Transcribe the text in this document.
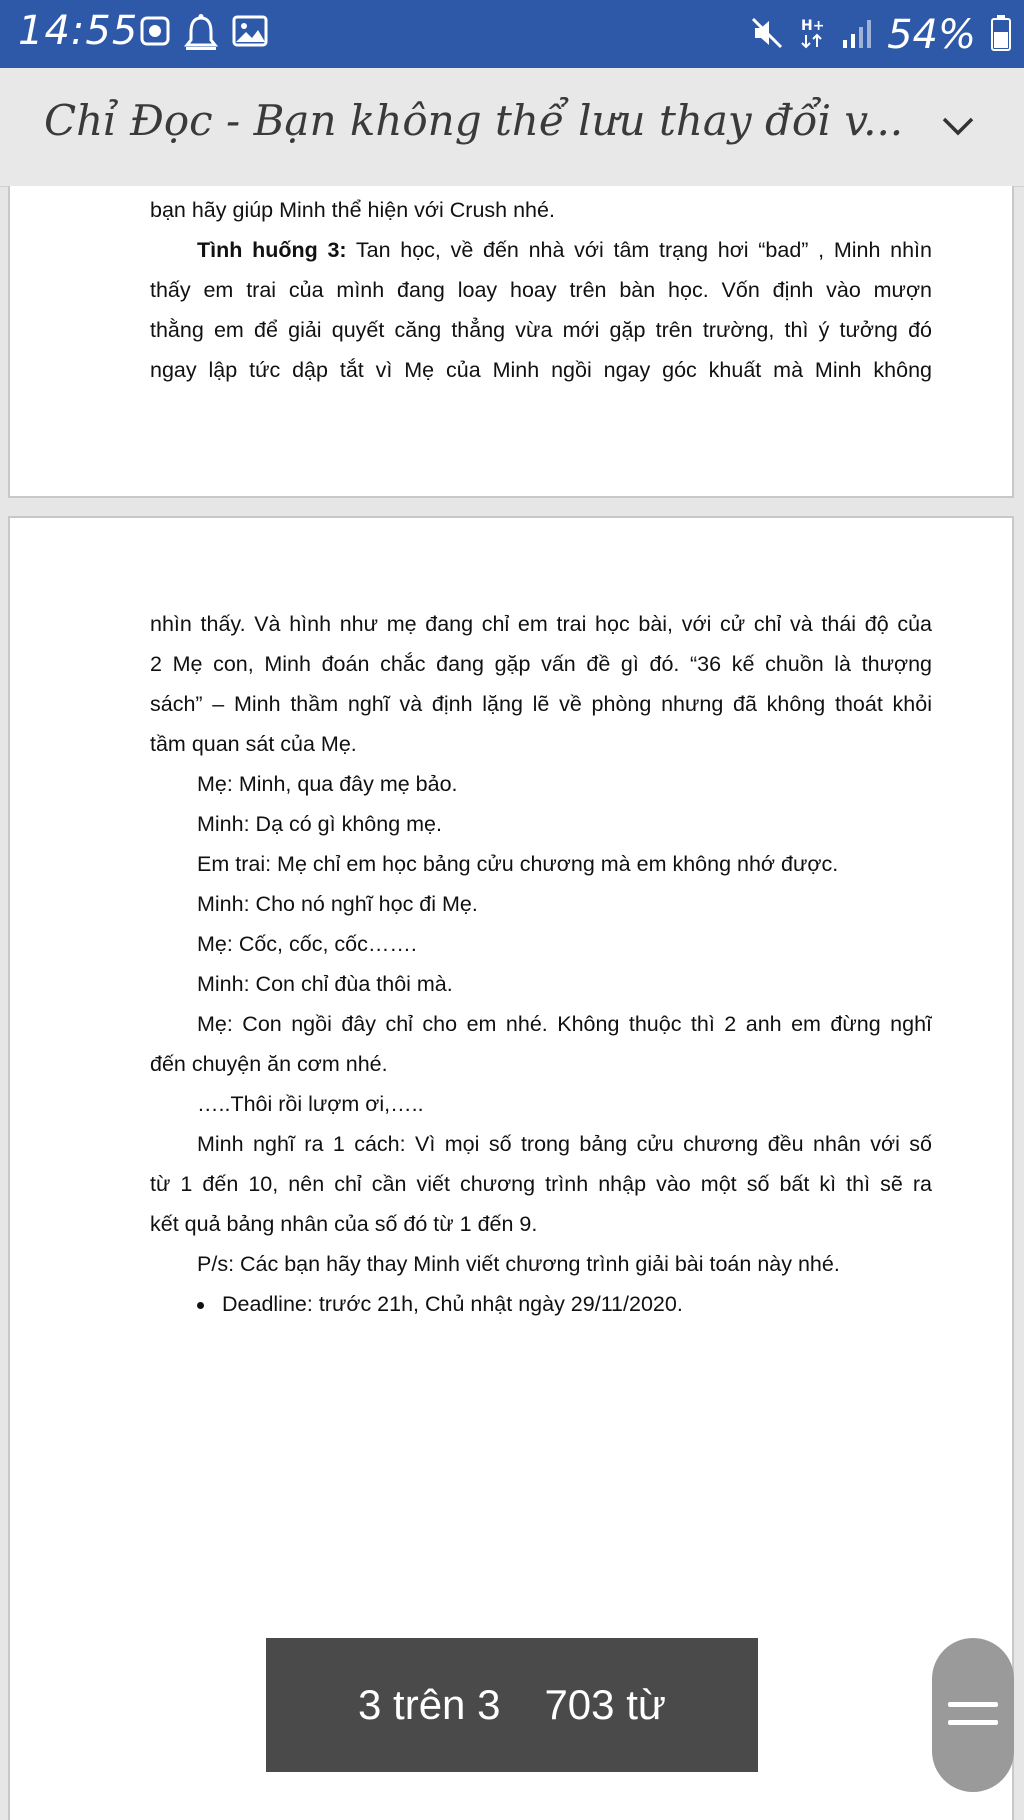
14:55	H+ 54%
Chỉ Đọc - Bạn không thể lưu thay đổi v...
bạn hãy giúp Minh thể hiện với Crush nhé.
Tình huống 3: Tan học, về đến nhà với tâm trạng hơi “bad” , Minh nhìn
thấy em trai của mình đang loay hoay trên bàn học. Vốn định vào mượn
thằng em để giải quyết căng thẳng vừa mới gặp trên trường, thì ý tưởng đó
ngay lập tức dập tắt vì Mẹ của Minh ngồi ngay góc khuất mà Minh không
nhìn thấy. Và hình như mẹ đang chỉ em trai học bài, với cử chỉ và thái độ của
2 Mẹ con, Minh đoán chắc đang gặp vấn đề gì đó. “36 kế chuồn là thượng
sách” – Minh thầm nghĩ và định lặng lẽ về phòng nhưng đã không thoát khỏi
tầm quan sát của Mẹ.
Mẹ: Minh, qua đây mẹ bảo.
Minh: Dạ có gì không mẹ.
Em trai: Mẹ chỉ em học bảng cửu chương mà em không nhớ được.
Minh: Cho nó nghĩ học đi Mẹ.
Mẹ: Cốc, cốc, cốc…….
Minh: Con chỉ đùa thôi mà.
Mẹ: Con ngồi đây chỉ cho em nhé. Không thuộc thì 2 anh em đừng nghĩ
đến chuyện ăn cơm nhé.
…..Thôi rồi lượm ơi,…..
Minh nghĩ ra 1 cách: Vì mọi số trong bảng cửu chương đều nhân với số
từ 1 đến 10, nên chỉ cần viết chương trình nhập vào một số bất kì thì sẽ ra
kết quả bảng nhân của số đó từ 1 đến 9.
P/s: Các bạn hãy thay Minh viết chương trình giải bài toán này nhé.
Deadline: trước 21h, Chủ nhật ngày 29/11/2020.
3 trên 3 703 từ
